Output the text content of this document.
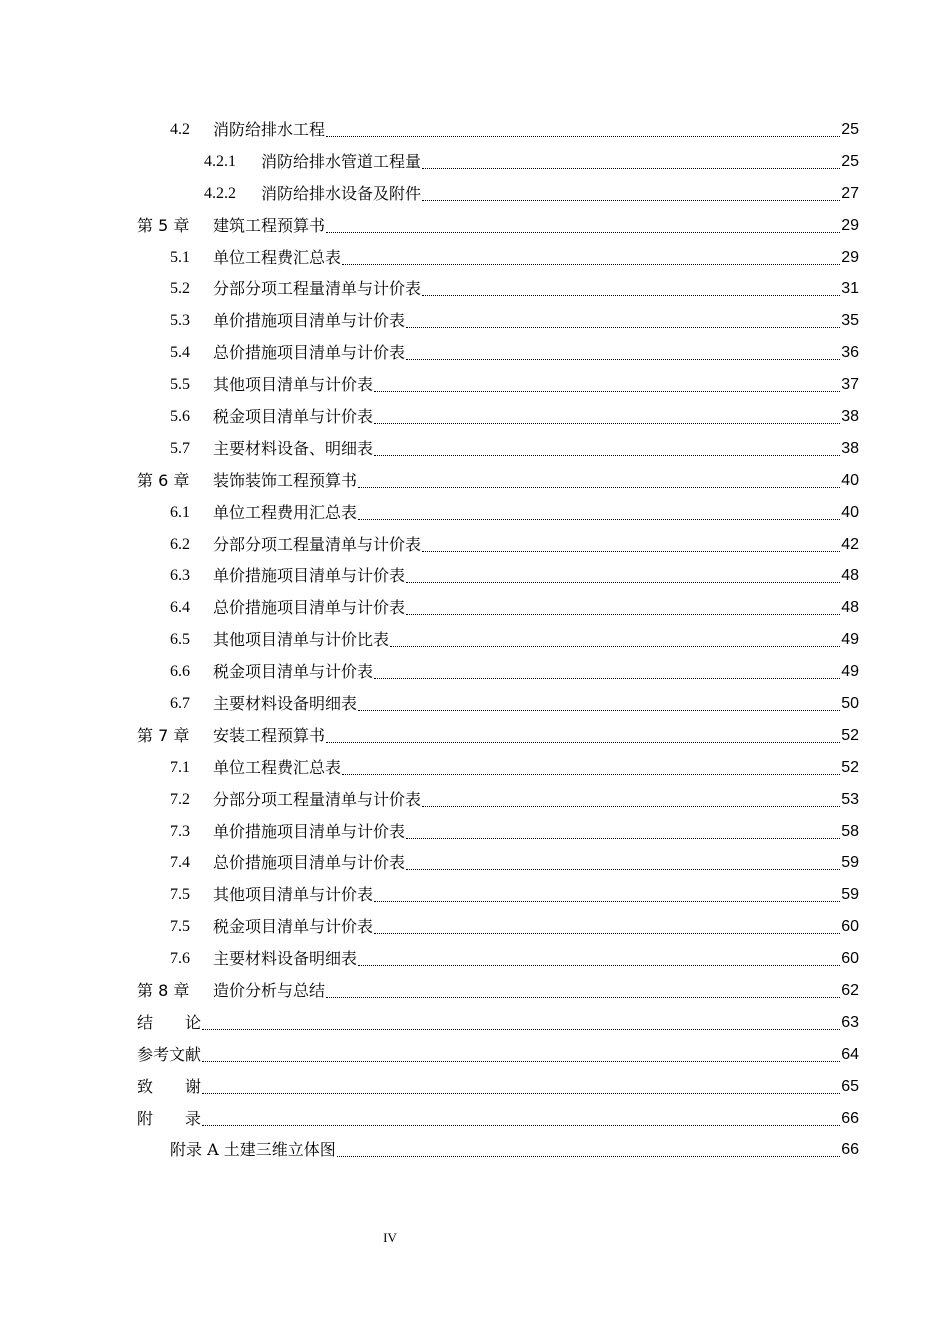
4.2	消防给排水工程	25
4.2.1	消防给排水管道工程量	25
4.2.2	消防给排水设备及附件	27
第 5 章	建筑工程预算书	29
5.1	单位工程费汇总表	29
5.2	分部分项工程量清单与计价表	31
5.3	单价措施项目清单与计价表	35
5.4	总价措施项目清单与计价表	36
5.5	其他项目清单与计价表	37
5.6	税金项目清单与计价表	38
5.7	主要材料设备、明细表	38
第 6 章	装饰装饰工程预算书	40
6.1	单位工程费用汇总表	40
6.2	分部分项工程量清单与计价表	42
6.3	单价措施项目清单与计价表	48
6.4	总价措施项目清单与计价表	48
6.5	其他项目清单与计价比表	49
6.6	税金项目清单与计价表	49
6.7	主要材料设备明细表	50
第 7 章	安装工程预算书	52
7.1	单位工程费汇总表	52
7.2	分部分项工程量清单与计价表	53
7.3	单价措施项目清单与计价表	58
7.4	总价措施项目清单与计价表	59
7.5	其他项目清单与计价表	59
7.5	税金项目清单与计价表	60
7.6	主要材料设备明细表	60
第 8 章	造价分析与总结	62
结　　论	63
参考文献	64
致　　谢	65
附　　录	66
附录 A 土建三维立体图	66
IV
